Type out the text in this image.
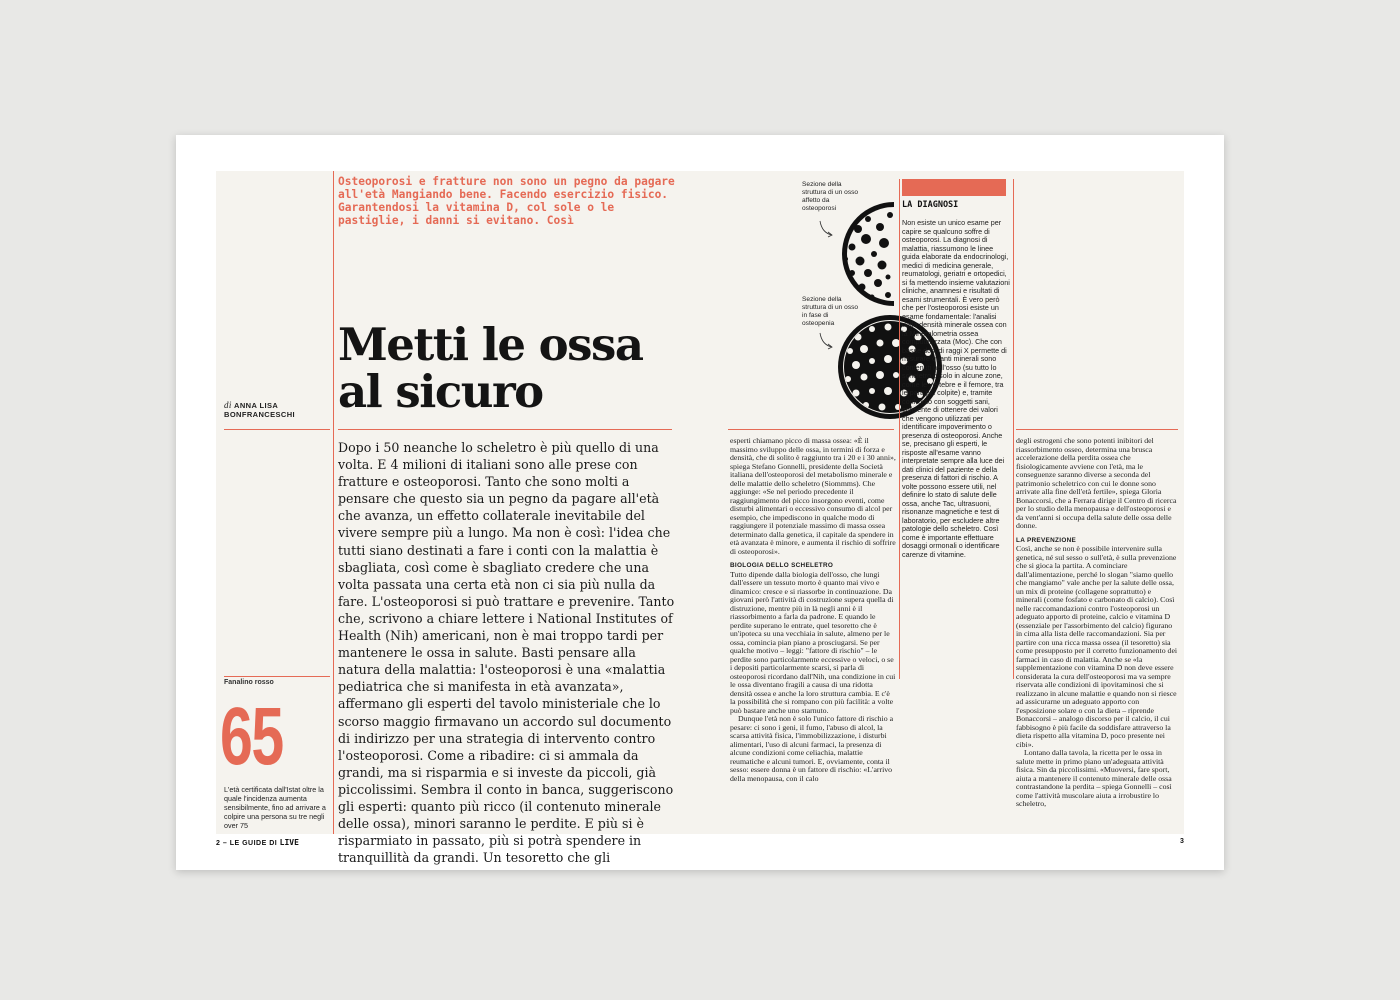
Osteoporosi e fratture non sono un pegno da pagare all'età Mangiando bene. Facendo esercizio fisico. Garantendosi la vitamina D, col sole o le pastiglie, i danni si evitano. Così

Metti le ossa
al sicuro
di ANNA LISA BONFRANCESCHI

Dopo i 50 neanche lo scheletro è più quello di una volta. E 4 milioni di italiani sono alle prese con fratture e osteoporosi. Tanto che sono molti a pensare che questo sia un pegno da pagare all'età che avanza, un effetto collaterale inevitabile del vivere sempre più a lungo. Ma non è così: l'idea che tutti siano destinati a fare i conti con la malattia è sbagliata, così come è sbagliato credere che una volta passata una certa età non ci sia più nulla da fare. L'osteoporosi si può trattare e prevenire. Tanto che, scrivono a chiare lettere i National Institutes of Health (Nih) americani, non è mai troppo tardi per mantenere le ossa in salute. Basti pensare alla natura della malattia: l'osteoporosi è una «malattia pediatrica che si manifesta in età avanzata», affermano gli esperti del tavolo ministeriale che lo scorso maggio firmavano un accordo sul documento di indirizzo per una strategia di intervento contro l'osteoporosi. Come a ribadire: ci si ammala da grandi, ma si risparmia e si investe da piccoli, già piccolissimi. Sembra il conto in banca, suggeriscono gli esperti: quanto più ricco (il contenuto minerale delle ossa), minori saranno le perdite. E più si è risparmiato in passato, più si potrà spendere in tranquillità da grandi. Un tesoretto che gli

Fanalino rosso
65
L'età certificata dall'Istat oltre la quale l'incidenza aumenta sensibilmente, fino ad arrivare a colpire una persona su tre negli over 75
Sezione della struttura di un osso affetto da osteoporosi
Sezione della struttura di un osso in fase di osteopenia

esperti chiamano picco di massa ossea: «È il massimo sviluppo delle ossa, in termini di forza e densità, che di solito è raggiunto tra i 20 e i 30 anni», spiega Stefano Gonnelli, presidente della Società italiana dell'osteoporosi del metabolismo minerale e delle malattie dello scheletro (Siommms). Che aggiunge: «Se nel periodo precedente il raggiungimento del picco insorgono eventi, come disturbi alimentari o eccessivo consumo di alcol per esempio, che impediscono in qualche modo di raggiungere il potenziale massimo di massa ossea determinato dalla genetica, il capitale da spendere in età avanzata è minore, e aumenta il rischio di soffrire di osteoporosi».

BIOLOGIA DELLO SCHELETRO

Tutto dipende dalla biologia dell'osso, che lungi dall'essere un tessuto morto è quanto mai vivo e dinamico: cresce e si riassorbe in continuazione. Da giovani però l'attività di costruzione supera quella di distruzione, mentre più in là negli anni è il riassorbimento a farla da padrone. E quando le perdite superano le entrate, quel tesoretto che è un'ipoteca su una vecchiaia in salute, almeno per le ossa, comincia pian piano a prosciugarsi. Se per qualche motivo – leggi: "fattore di rischio" – le perdite sono particolarmente eccessive o veloci, o se i depositi particolarmente scarsi, si parla di osteoporosi ricordano dall'Nih, una condizione in cui le ossa diventano fragili a causa di una ridotta densità ossea e anche la loro struttura cambia. E c'è la possibilità che si rompano con più facilità: a volte può bastare anche uno starnuto.

Dunque l'età non è solo l'unico fattore di rischio a pesare: ci sono i geni, il fumo, l'abuso di alcol, la scarsa attività fisica, l'immobilizzazione, i disturbi alimentari, l'uso di alcuni farmaci, la presenza di alcune condizioni come celiachia, malattie reumatiche e alcuni tumori. E, ovviamente, conta il sesso: essere donna è un fattore di rischio: «L'arrivo della menopausa, con il calo

LA DIAGNOSI

Non esiste un unico esame per capire se qualcuno soffre di osteoporosi. La diagnosi di malattia, riassumono le linee guida elaborate da endocrinologi, medici di medicina generale, reumatologi, geriatri e ortopedici, si fa mettendo insieme valutazioni cliniche, anamnesi e risultati di esami strumentali. È vero però che per l'osteoporosi esiste un esame fondamentale: l'analisi della densità minerale ossea con la Mineralometria ossea computerizzata (Moc). Che con basse dosi di raggi X permette di misurare quanti minerali sono contenuti nell'osso (su tutto lo scheletro o solo in alcune zone, come le vertebre e il femore, tra le parti più colpite) e, tramite confronto con soggetti sani, consente di ottenere dei valori che vengono utilizzati per identificare impoverimento o presenza di osteoporosi. Anche se, precisano gli esperti, le risposte all'esame vanno interpretate sempre alla luce dei dati clinici del paziente e della presenza di fattori di rischio. A volte possono essere utili, nel definire lo stato di salute delle ossa, anche Tac, ultrasuoni, risonanze magnetiche e test di laboratorio, per escludere altre patologie dello scheletro. Così come è importante effettuare dosaggi ormonali o identificare carenze di vitamine.

degli estrogeni che sono potenti inibitori del riassorbimento osseo, determina una brusca accelerazione della perdita ossea che fisiologicamente avviene con l'età, ma le conseguenze saranno diverse a seconda del patrimonio scheletrico con cui le donne sono arrivate alla fine dell'età fertile», spiega Gloria Bonaccorsi, che a Ferrara dirige il Centro di ricerca per lo studio della menopausa e dell'osteoporosi e da vent'anni si occupa della salute delle ossa delle donne.

LA PREVENZIONE

Così, anche se non è possibile intervenire sulla genetica, né sul sesso o sull'età, è sulla prevenzione che si gioca la partita. A cominciare dall'alimentazione, perché lo slogan "siamo quello che mangiamo" vale anche per la salute delle ossa, un mix di proteine (collagene soprattutto) e minerali (come fosfato e carbonato di calcio). Così nelle raccomandazioni contro l'osteoporosi un adeguato apporto di proteine, calcio e vitamina D (essenziale per l'assorbimento del calcio) figurano in cima alla lista delle raccomandazioni. Sia per partire con una ricca massa ossea (il tesoretto) sia come presupposto per il corretto funzionamento dei farmaci in caso di malattia. Anche se «la supplementazione con vitamina D non deve essere considerata la cura dell'osteoporosi ma va sempre riservata alle condizioni di ipovitaminosi che si realizzano in alcune malattie e quando non si riesce ad assicurarne un adeguato apporto con l'esposizione solare o con la dieta – riprende Bonaccorsi – analogo discorso per il calcio, il cui fabbisogno è più facile da soddisfare attraverso la dieta rispetto alla vitamina D, poco presente nei cibi».

Lontano dalla tavola, la ricetta per le ossa in salute mette in primo piano un'adeguata attività fisica. Sin da piccolissimi. «Muoversi, fare sport, aiuta a mantenere il contenuto minerale delle ossa contrastandone la perdita – spiega Gonnelli – così come l'attività muscolare aiuta a irrobustire lo scheletro,

2 – LE GUIDE DI LIVE	3
